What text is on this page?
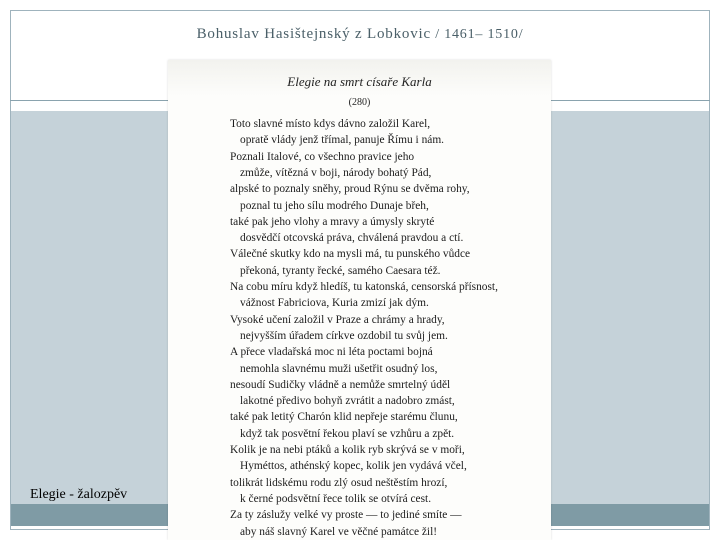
Bohuslav Hasištejnský z Lobkovic / 1461– 1510/
Elegie na smrt císaře Karla
(280)
Toto slavné místo kdys dávno založil Karel,
opratě vlády jenž třímal, panuje Římu i nám.
Poznali Italové, co všechno pravice jeho
zmůže, vítězná v boji, národy bohatý Pád,
alpské to poznaly sněhy, proud Rýnu se dvěma rohy,
poznal tu jeho sílu modrého Dunaje břeh,
také pak jeho vlohy a mravy a úmysly skryté
dosvědčí otcovská práva, chválená pravdou a ctí.
Válečné skutky kdo na mysli má, tu punského vůdce
překoná, tyranty řecké, samého Caesara též.
Na cobu míru když hledíš, tu katonská, censorská přísnost,
vážnost Fabriciova, Kuria zmizí jak dým.
Vysoké učení založil v Praze a chrámy a hrady,
nejvyšším úřadem církve ozdobil tu svůj jem.
A přece vladařská moc ni léta poctami bojná
nemohla slavnému muži ušetřit osudný los,
nesoudí Sudičky vládně a nemůže smrtelný úděl
lakotné předivo bohyň zvrátit a nadobro zmást,
také pak letitý Charón klid nepřeje starému člunu,
když tak posvětní řekou plaví se vzhůru a zpět.
Kolik je na nebi ptáků a kolik ryb skrývá se v moři,
Hyméttos, athénský kopec, kolik jen vydává včel,
tolikrát lidskému rodu zlý osud neštěstím hrozí,
k černé podsvětní řece tolik se otvírá cest.
Za ty záslužy velké vy proste — to jediné smíte —
aby náš slavný Karel ve věčné památce žil!
Elegie - žalozpěv
